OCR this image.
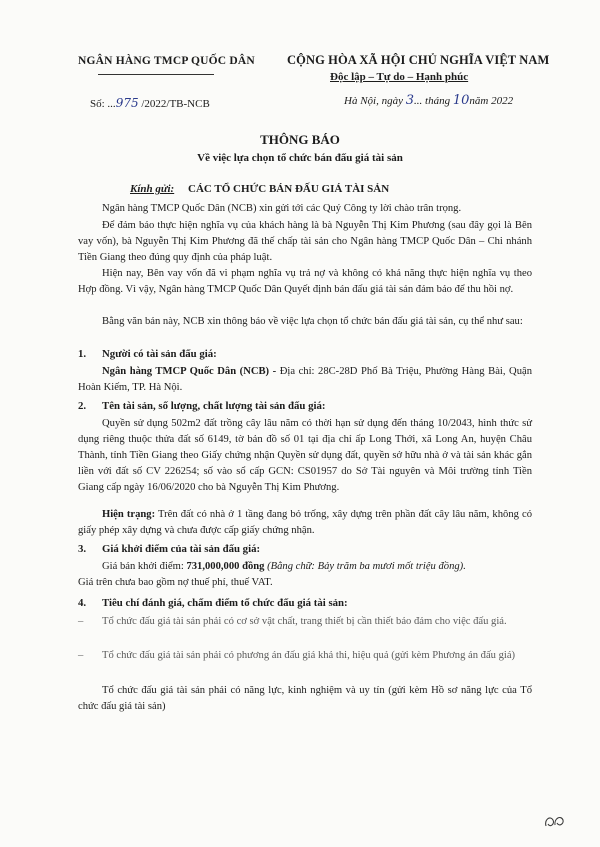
NGÂN HÀNG TMCP QUỐC DÂN
Số: ...975 /2022/TB-NCB
CỘNG HÒA XÃ HỘI CHỦ NGHĨA VIỆT NAM
Độc lập – Tự do – Hạnh phúc
Hà Nội, ngày 3... tháng 10năm 2022
THÔNG BÁO
Về việc lựa chọn tổ chức bán đấu giá tài sản
Kính gửi: CÁC TỔ CHỨC BÁN ĐẤU GIÁ TÀI SẢN
Ngân hàng TMCP Quốc Dân (NCB) xin gửi tới các Quý Công ty lời chào trân trọng.
Để đảm bảo thực hiện nghĩa vụ của khách hàng là bà Nguyễn Thị Kim Phương (sau đây gọi là Bên vay vốn), bà Nguyễn Thị Kim Phương đã thế chấp tài sản cho Ngân hàng TMCP Quốc Dân – Chi nhánh Tiền Giang theo đúng quy định của pháp luật.
Hiện nay, Bên vay vốn đã vi phạm nghĩa vụ trả nợ và không có khả năng thực hiện nghĩa vụ theo Hợp đồng. Vì vậy, Ngân hàng TMCP Quốc Dân Quyết định bán đấu giá tài sản đảm bảo để thu hồi nợ.
Bằng văn bản này, NCB xin thông báo về việc lựa chọn tổ chức bán đấu giá tài sản, cụ thể như sau:
1. Người có tài sản đấu giá:
Ngân hàng TMCP Quốc Dân (NCB) - Địa chỉ: 28C-28D Phố Bà Triệu, Phường Hàng Bài, Quận Hoàn Kiếm, TP. Hà Nội.
2. Tên tài sản, số lượng, chất lượng tài sản đấu giá:
Quyền sử dụng 502m2 đất trồng cây lâu năm có thời hạn sử dụng đến tháng 10/2043, hình thức sử dụng riêng thuộc thửa đất số 6149, tờ bản đồ số 01 tại địa chỉ ấp Long Thới, xã Long An, huyện Châu Thành, tỉnh Tiền Giang theo Giấy chứng nhận Quyền sử dụng đất, quyền sở hữu nhà ở và tài sản khác gắn liền với đất số CV 226254; số vào sổ cấp GCN: CS01957 do Sở Tài nguyên và Môi trường tỉnh Tiền Giang cấp ngày 16/06/2020 cho bà Nguyễn Thị Kim Phương.
Hiện trạng: Trên đất có nhà ở 1 tầng đang bỏ trống, xây dựng trên phần đất cây lâu năm, không có giấy phép xây dựng và chưa được cấp giấy chứng nhận.
3. Giá khởi điểm của tài sản đấu giá:
Giá bán khởi điểm: 731,000,000 đồng (Bằng chữ: Bảy trăm ba mươi mốt triệu đồng).
Giá trên chưa bao gồm nợ thuế phí, thuế VAT.
4. Tiêu chí đánh giá, chấm điểm tổ chức đấu giá tài sản:
– Tổ chức đấu giá tài sản phải có cơ sở vật chất, trang thiết bị cần thiết bảo đảm cho việc đấu giá.
– Tổ chức đấu giá tài sản phải có phương án đấu giá khả thi, hiệu quả (gửi kèm Phương án đấu giá)
Tổ chức đấu giá tài sản phải có năng lực, kinh nghiệm và uy tín (gửi kèm Hồ sơ năng lực của Tổ chức đấu giá tài sản)
